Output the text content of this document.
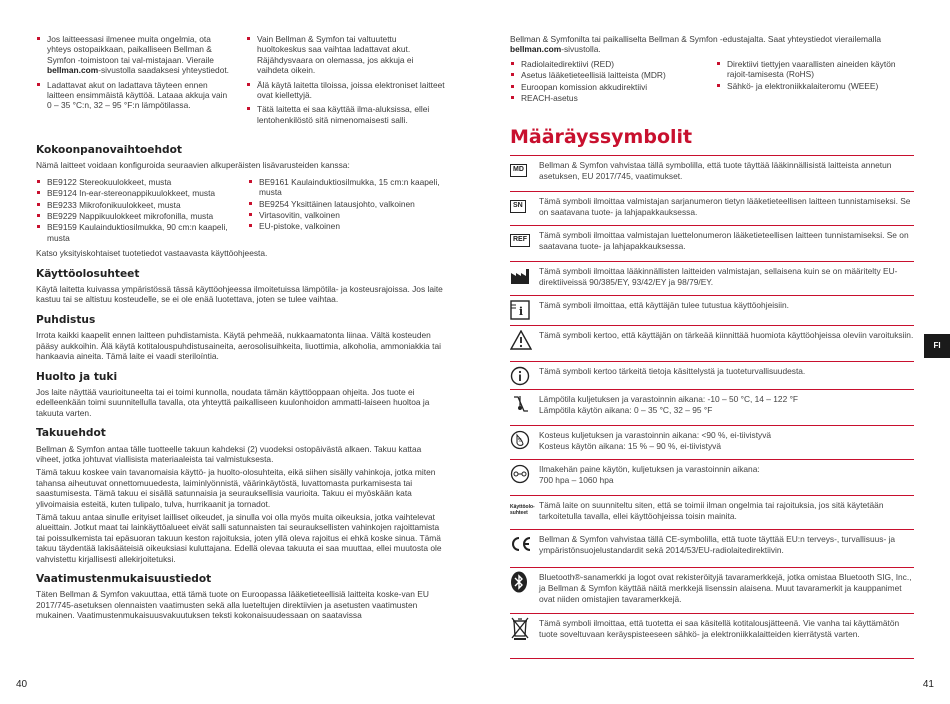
Jos laitteessasi ilmenee muita ongelmia, ota yhteys ostopaikkaan, paikalliseen Bellman & Symfon -toimistoon tai val-mistajaan. Vieraile bellman.com-sivustolla saadaksesi yhteystiedot.
Ladattavat akut on ladattava täyteen ennen laitteen ensimmäistä käyttöä. Lataaa akkuja vain 0 – 35 °C:n, 32 – 95 °F:n lämpötilassa.
Vain Bellman & Symfon tai valtuutettu huoltokeskus saa vaihtaa ladattavat akut. Räjähdysvaara on olemassa, jos akkuja ei vaihdeta oikein.
Älä käytä laitetta tiloissa, joissa elektroniset laitteet ovat kiellettyjä.
Tätä laitetta ei saa käyttää ilma-aluksissa, ellei lentohenkilöstö sitä nimenomaisesti salli.
Kokoonpanovaihtoehdot

Nämä laitteet voidaan konfiguroida seuraavien alkuperäisten lisävarusteiden kanssa:

BE9122 Stereokuulokkeet, musta
BE9124 In-ear-stereonappikuulokkeet, musta
BE9233 Mikrofonikuulokkeet, musta
BE9229 Nappikuulokkeet mikrofonilla, musta
BE9159 Kaulainduktiosilmukka, 90 cm:n kaapeli, musta
BE9161 Kaulainduktiosilmukka, 15 cm:n kaapeli, musta
BE9254 Yksittäinen latausjohto, valkoinen
Virtasovitin, valkoinen
EU-pistoke, valkoinen

Katso yksityiskohtaiset tuotetiedot vastaavasta käyttöohjeesta.

Käyttöolosuhteet

Käytä laitetta kuivassa ympäristössä tässä käyttöohjeessa ilmoitetuissa lämpötila- ja kosteusrajoissa. Jos laite kastuu tai se altistuu kosteudelle, se ei ole enää luotettava, joten se tulee vaihtaa.

Puhdistus

Irrota kaikki kaapelit ennen laitteen puhdistamista. Käytä pehmeää, nukkaamatonta liinaa. Vältä kosteuden pääsy aukkoihin. Älä käytä kotitalouspuhdistusaineita, aerosolisuihkeita, liuottimia, alkoholia, ammoniakkia tai hankaavia aineita. Tämä laite ei vaadi steriloíntia.

Huolto ja tuki

Jos laite näyttää vaurioituneelta tai ei toimi kunnolla, noudata tämän käyttöoppaan ohjeita. Jos tuote ei edelleenkään toimi suunnitellulla tavalla, ota yhteyttä paikalliseen kuulonhoidon ammatti-laiseen huoltoa ja takuuta varten.

Takuuehdot

Bellman & Symfon antaa tälle tuotteelle takuun kahdeksi (2) vuodeksi ostopäivästä alkaen. Takuu kattaa viheet, jotka johtuvat viallisista materiaaleista tai valmistuksesta.

Tämä takuu koskee vain tavanomaisia käyttö- ja huolto-olosuhteita, eikä siihen sisälly vahinkoja, jotka miten tahansa aiheutuvat onnettomuuedesta, laiminlyönnistä, väärinkäytöstä, luvattomasta purkamisesta tai saastumisesta. Tämä takuu ei sisällä satunnaisia ja seurauksellisia vaurioita. Takuu ei myöskään kata ylivoimaisia esteitä, kuten tulipalo, tulva, hurrikaanit ja tornadot.

Tämä takuu antaa sinulle erityiset lailliset oikeudet, ja sinulla voi olla myös muita oikeuksia, jotka vaihtelevat alueittain. Jotkut maat tai lainkäyttöalueet eivät salli satunnaisten tai seurauksellisten vahinkojen rajoittamista tai poissulkemista tai epäsuoran takuun keston rajoituksia, joten yllä oleva rajoitus ei ehkä koske sinua. Tämä takuu täydentää lakisääteisiä oikeuksiasi kuluttajana. Edellä olevaa takuuta ei saa muuttaa, ellei muutosta ole vahvistettu kirjallisesti allekirjoitetuksi.

Vaatimustenmukaisuustiedot

Täten Bellman & Symfon vakuuttaa, että tämä tuote on Euroopassa lääketieteellisiä laitteita koske-van EU 2017/745-asetuksen olennaisten vaatimusten sekä alla lueteltujen direktiivien ja asetusten vaatimusten mukainen. Vaatimustenmukaisuusvakuutuksen teksti kokonaisuudessaan on saatavissa

40

Bellman & Symfonilta tai paikalliselta Bellman & Symfon -edustajalta. Saat yhteystiedot vierailemalla bellman.com-sivustolla.

Radiolaitedirektiivi (RED)
Asetus lääketieteellisiä laitteista (MDR)
Euroopan komission akkudirektiivi
REACH-asetus
Direktiivi tiettyjen vaarallisten aineiden käytön rajoit-tamisesta (RoHS)
Sähkö- ja elektroniikkalaiteromu (WEEE)
Määräyssymbolit
MD	Bellman & Symfon vahvistaa tällä symbolilla, että tuote täyttää lääkinnällisistä laitteista annetun asetuksen, EU 2017/745, vaatimukset.
SN	Tämä symboli ilmoittaa valmistajan sarjanumeron tietyn lääketieteellisen laitteen tunnistamiseksi. Se on saatavana tuote- ja lahjapakkauksessa.
REF	Tämä symboli ilmoittaa valmistajan luettelonumeron lääketieteellisen laitteen tunnistamiseksi. Se on saatavana tuote- ja lahjapakkauksessa.
Tämä symboli ilmoittaa lääkinnällisten laitteiden valmistajan, sellaisena kuin se on määritelty EU-direktiiveissä 90/385/EY, 93/42/EY ja 98/79/EY.
i Tämä symboli ilmoittaa, että käyttäjän tulee tutustua käyttöohjeisiin.
Tämä symboli kertoo, että käyttäjän on tärkeää kiinnittää huomiota käyttöohjeissa oleviin varoituksiin.
Tämä symboli kertoo tärkeitä tietoja käsittelystä ja tuoteturvallisuudesta.
Lämpötila kuljetuksen ja varastoinnin aikana: -10 – 50 °C, 14 – 122 °F
Lämpötila käytön aikana: 0 – 35 °C, 32 – 95 °F
%
Kosteus kuljetuksen ja varastoinnin aikana: <90 %, ei-tiivistyvä
Kosteus käytön aikana: 15 % – 90 %, ei-tiivistyvä
Ilmakehän paine käytön, kuljetuksen ja varastoinnin aikana:
700 hpa – 1060 hpa
Käyttöolo-suhteet
Tämä laite on suunniteltu siten, että se toimii ilman ongelmia tai rajoituksia, jos sitä käytetään tarkoitetulla tavalla, ellei käyttöohjeissa toisin mainita.
Bellman & Symfon vahvistaa tällä CE-symbolilla, että tuote täyttää EU:n terveys-, turvallisuus- ja ympäristönsuojelustandardit sekä 2014/53/EU-radiolaitedirektiivin.
Bluetooth®-sanamerkki ja logot ovat rekisteröityjä tavaramerkkejä, jotka omistaa Bluetooth SIG, Inc., ja Bellman & Symfon käyttää näitä merkkejä lisenssin alaisena. Muut tavaramerkit ja kauppanimet ovat niiden omistajien tavaramerkkejä.
Tämä symboli ilmoittaa, että tuotetta ei saa käsitellä kotitalousjätteenä. Vie vanha tai käyttämätön tuote soveltuvaan keräyspisteeseen sähkö- ja elektroniikkalaitteiden kierrätystä varten.
FI
41
